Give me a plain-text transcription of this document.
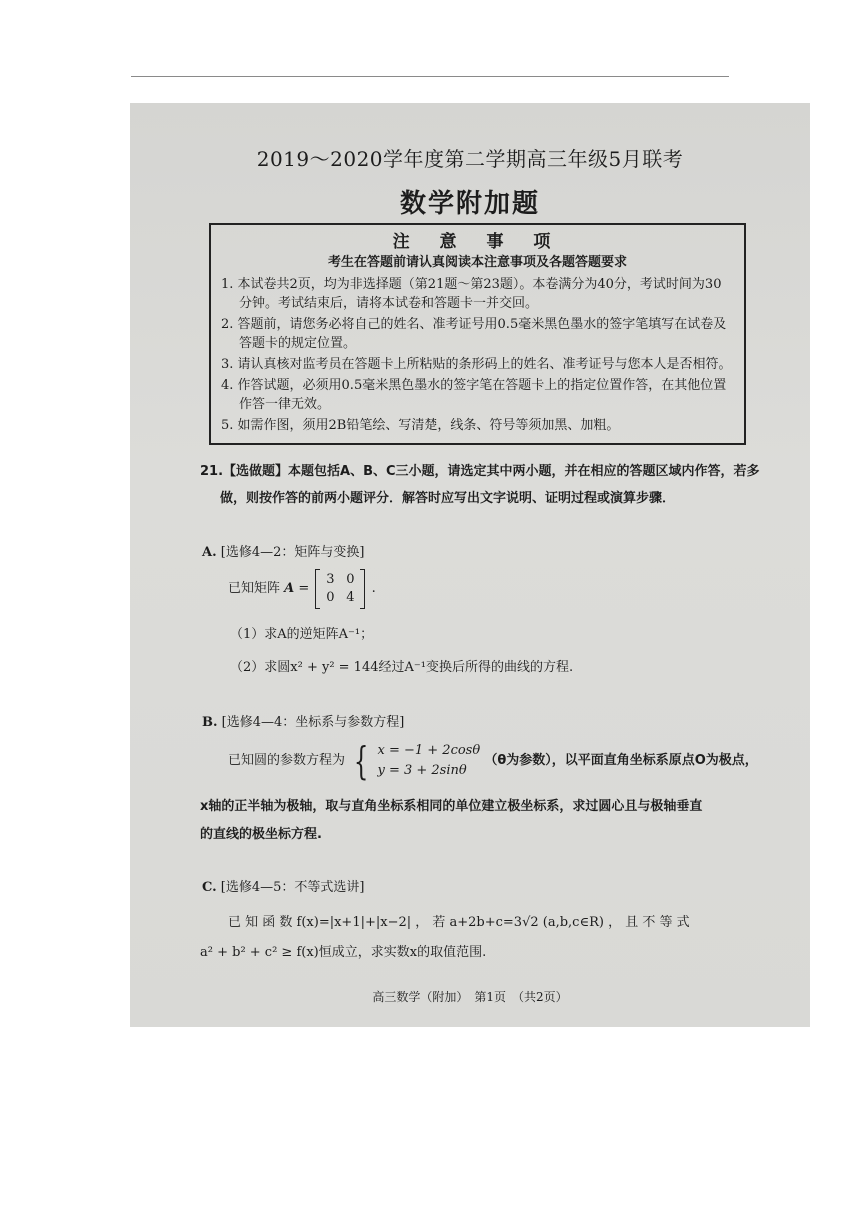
2019～2020学年度第二学期高三年级5月联考
数学附加题
注 意 事 项
考生在答题前请认真阅读本注意事项及各题答题要求
1. 本试卷共2页，均为非选择题（第21题～第23题）。本卷满分为40分，考试时间为30分钟。考试结束后，请将本试卷和答题卡一并交回。
2. 答题前，请您务必将自己的姓名、准考证号用0.5毫米黑色墨水的签字笔填写在试卷及答题卡的规定位置。
3. 请认真核对监考员在答题卡上所粘贴的条形码上的姓名、准考证号与您本人是否相符。
4. 作答试题，必须用0.5毫米黑色墨水的签字笔在答题卡上的指定位置作答，在其他位置作答一律无效。
5. 如需作图，须用2B铅笔绘、写清楚，线条、符号等须加黑、加粗。
21.【选做题】本题包括A、B、C三小题，请选定其中两小题，并在相应的答题区域内作答，若多做，则按作答的前两小题评分．解答时应写出文字说明、证明过程或演算步骤．
A. [选修4—2：矩阵与变换]
已知矩阵 A =
3 0
0 4
.
（1）求A的逆矩阵A⁻¹；
（2）求圆x² + y² = 144经过A⁻¹变换后所得的曲线的方程.
B. [选修4—4：坐标系与参数方程]
已知圆的参数方程为 { x = −1 + 2cosθ
y = 3 + 2sinθ
（θ为参数），以平面直角坐标系原点O为极点，
x轴的正半轴为极轴，取与直角坐标系相同的单位建立极坐标系，求过圆心且与极轴垂直
的直线的极坐标方程.
C. [选修4—5：不等式选讲]
已 知 函 数 f(x)=|x+1|+|x−2| ， 若 a+2b+c=3√2 (a,b,c∈R) ， 且 不 等 式
a² + b² + c² ≥ f(x)恒成立，求实数x的取值范围.
高三数学（附加）　第1页　（共2页）
